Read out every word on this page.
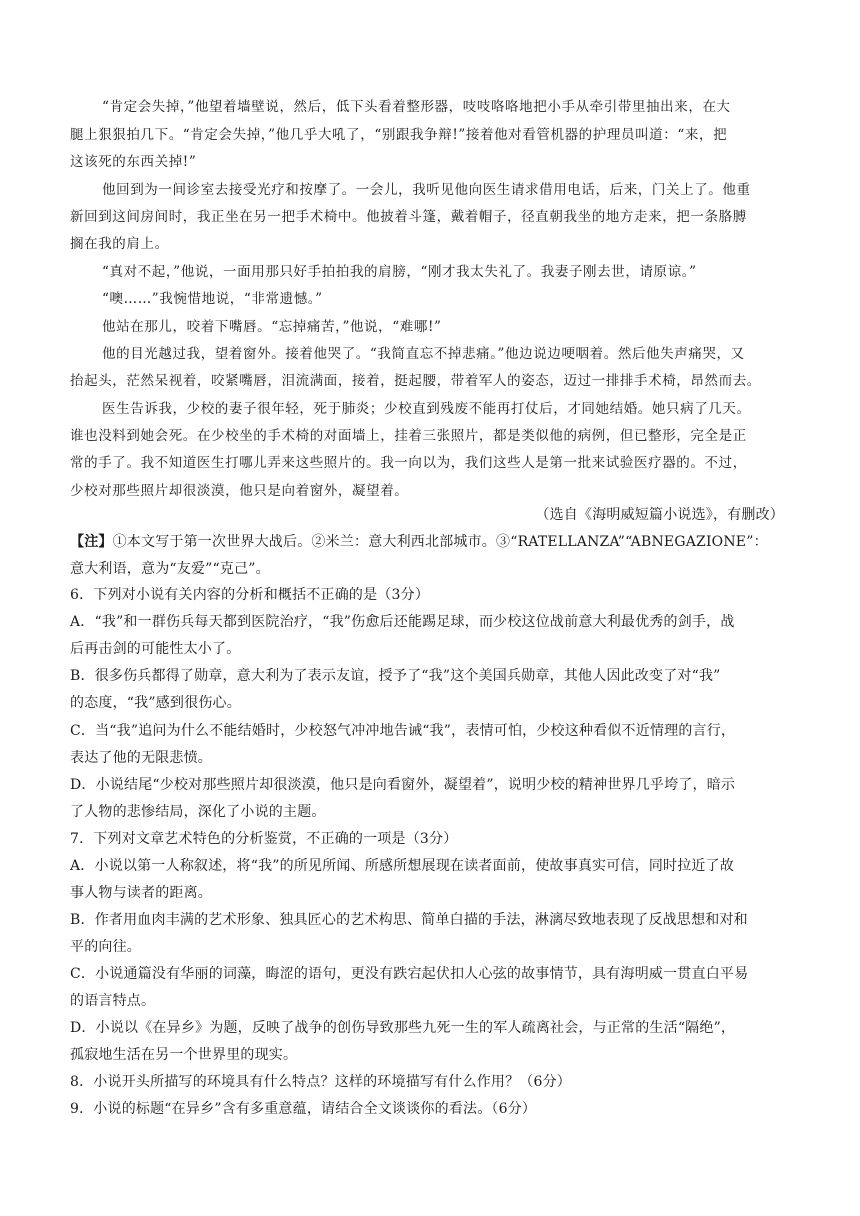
“肯定会失掉，”他望着墙壁说，然后，低下头看着整形器，吱吱咯咯地把小手从牵引带里抽出来，在大

腿上狠狠拍几下。“肯定会失掉，”他几乎大吼了，“别跟我争辩!”接着他对看管机器的护理员叫道：“来，把

这该死的东西关掉!”

他回到为一间诊室去接受光疗和按摩了。一会儿，我听见他向医生请求借用电话，后来，门关上了。他重

新回到这间房间时，我正坐在另一把手术椅中。他披着斗篷，戴着帽子，径直朝我坐的地方走来，把一条胳膊

搁在我的肩上。

“真对不起，”他说，一面用那只好手拍拍我的肩膀，“刚才我太失礼了。我妻子刚去世，请原谅。”

“噢……”我惋惜地说，“非常遗憾。”

他站在那儿，咬着下嘴唇。“忘掉痛苦，”他说，“难哪!”

他的目光越过我，望着窗外。接着他哭了。“我简直忘不掉悲痛。”他边说边哽咽着。然后他失声痛哭，又

抬起头，茫然呆视着，咬紧嘴唇，泪流满面，接着，挺起腰，带着军人的姿态，迈过一排排手术椅，昂然而去。

医生告诉我，少校的妻子很年轻，死于肺炎；少校直到残废不能再打仗后，才同她结婚。她只病了几天。

谁也没料到她会死。在少校坐的手术椅的对面墙上，挂着三张照片，都是类似他的病例，但已整形，完全是正

常的手了。我不知道医生打哪儿弄来这些照片的。我一向以为，我们这些人是第一批来试验医疗器的。不过，

少校对那些照片却很淡漠，他只是向着窗外，凝望着。

（选自《海明威短篇小说选》，有删改）

【注】①本文写于第一次世界大战后。②米兰：意大利西北部城市。③“RATELLANZA”“ABNEGAZIONE”：

意大利语，意为“友爱”“克己”。

6．下列对小说有关内容的分析和概括不正确的是（3分）

A．“我”和一群伤兵每天都到医院治疗，“我”伤愈后还能踢足球，而少校这位战前意大利最优秀的剑手，战

后再击剑的可能性太小了。

B．很多伤兵都得了勋章，意大利为了表示友谊，授予了“我”这个美国兵勋章，其他人因此改变了对“我”

的态度，“我”感到很伤心。

C．当“我”追问为什么不能结婚时，少校怒气冲冲地告诫“我”，表情可怕，少校这种看似不近情理的言行，

表达了他的无限悲愤。

D．小说结尾“少校对那些照片却很淡漠，他只是向看窗外，凝望着”，说明少校的精神世界几乎垮了，暗示

了人物的悲惨结局，深化了小说的主题。

7．下列对文章艺术特色的分析鉴赏，不正确的一项是（3分）

A．小说以第一人称叙述，将“我”的所见所闻、所感所想展现在读者面前，使故事真实可信，同时拉近了故

事人物与读者的距离。

B．作者用血肉丰满的艺术形象、独具匠心的艺术构思、简单白描的手法，淋漓尽致地表现了反战思想和对和

平的向往。

C．小说通篇没有华丽的词藻，晦涩的语句，更没有跌宕起伏扣人心弦的故事情节，具有海明威一贯直白平易

的语言特点。

D．小说以《在异乡》为题，反映了战争的创伤导致那些九死一生的军人疏离社会，与正常的生活“隔绝”，

孤寂地生活在另一个世界里的现实。

8．小说开头所描写的环境具有什么特点？这样的环境描写有什么作用？（6分）

9．小说的标题“在异乡”含有多重意蕴，请结合全文谈谈你的看法。（6分）
